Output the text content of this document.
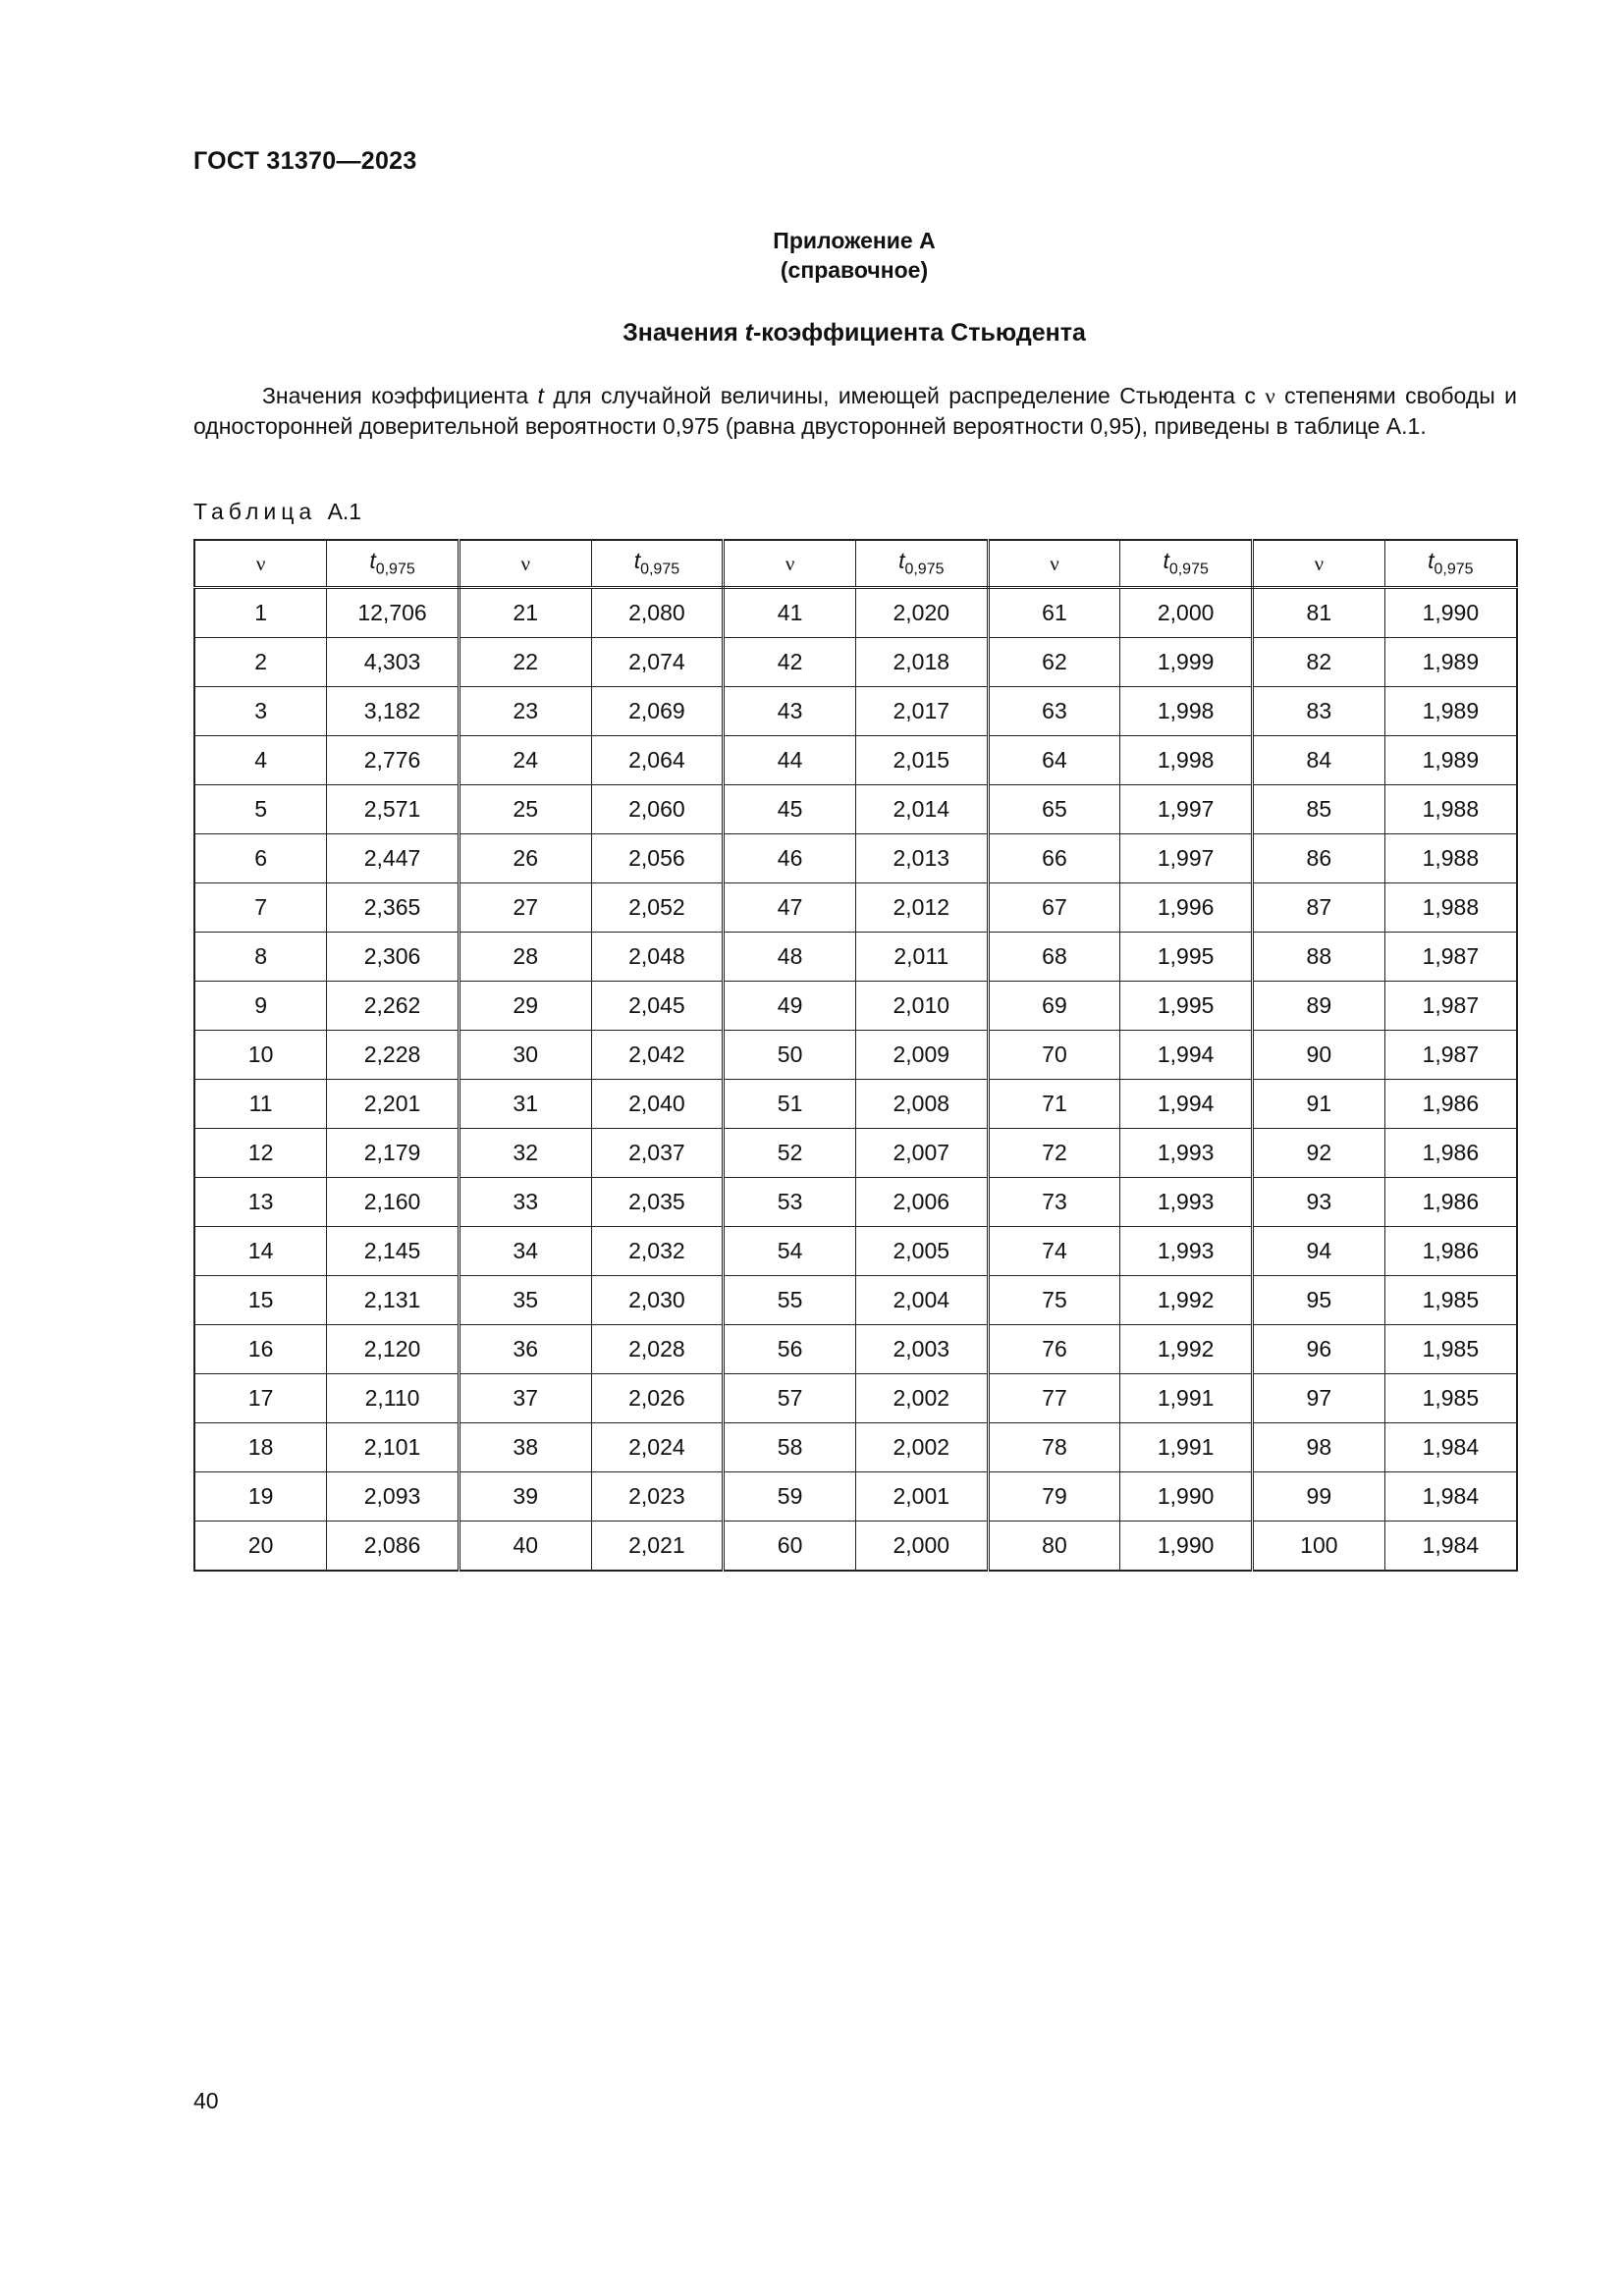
ГОСТ 31370—2023
Приложение А
(справочное)
Значения t-коэффициента Стьюдента
Значения коэффициента t для случайной величины, имеющей распределение Стьюдента с ν степенями свободы и односторонней доверительной вероятности 0,975 (равна двусторонней вероятности 0,95), приведены в таблице А.1.
Таблица А.1
ν	$t_{0,975}$	ν	$t_{0,975}$	ν	$t_{0,975}$	ν	$t_{0,975}$	ν	$t_{0,975}$
1	12,706	21	2,080	41	2,020	61	2,000	81	1,990
2	4,303	22	2,074	42	2,018	62	1,999	82	1,989
3	3,182	23	2,069	43	2,017	63	1,998	83	1,989
4	2,776	24	2,064	44	2,015	64	1,998	84	1,989
5	2,571	25	2,060	45	2,014	65	1,997	85	1,988
6	2,447	26	2,056	46	2,013	66	1,997	86	1,988
7	2,365	27	2,052	47	2,012	67	1,996	87	1,988
8	2,306	28	2,048	48	2,011	68	1,995	88	1,987
9	2,262	29	2,045	49	2,010	69	1,995	89	1,987
10	2,228	30	2,042	50	2,009	70	1,994	90	1,987
11	2,201	31	2,040	51	2,008	71	1,994	91	1,986
12	2,179	32	2,037	52	2,007	72	1,993	92	1,986
13	2,160	33	2,035	53	2,006	73	1,993	93	1,986
14	2,145	34	2,032	54	2,005	74	1,993	94	1,986
15	2,131	35	2,030	55	2,004	75	1,992	95	1,985
16	2,120	36	2,028	56	2,003	76	1,992	96	1,985
17	2,110	37	2,026	57	2,002	77	1,991	97	1,985
18	2,101	38	2,024	58	2,002	78	1,991	98	1,984
19	2,093	39	2,023	59	2,001	79	1,990	99	1,984
20	2,086	40	2,021	60	2,000	80	1,990	100	1,984
40
